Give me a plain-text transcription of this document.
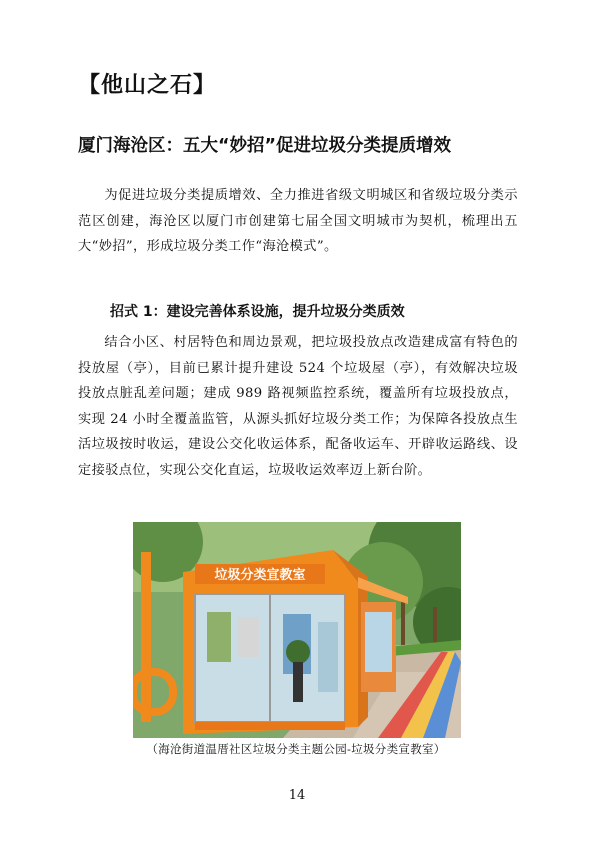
【他山之石】
厦门海沧区：五大“妙招”促进垃圾分类提质增效
为促进垃圾分类提质增效、全力推进省级文明城区和省级垃圾分类示范区创建，海沧区以厦门市创建第七届全国文明城市为契机，梳理出五大“妙招”，形成垃圾分类工作“海沧模式”。
招式 1：建设完善体系设施，提升垃圾分类质效
结合小区、村居特色和周边景观，把垃圾投放点改造建成富有特色的投放屋（亭），目前已累计提升建设 524 个垃圾屋（亭），有效解决垃圾投放点脏乱差问题；建成 989 路视频监控系统，覆盖所有垃圾投放点，实现 24 小时全覆盖监管，从源头抓好垃圾分类工作；为保障各投放点生活垃圾按时收运，建设公交化收运体系，配备收运车、开辟收运路线、设定接驳点位，实现公交化直运，垃圾收运效率迈上新台阶。
垃圾分类宣教室
（海沧街道温厝社区垃圾分类主题公园-垃圾分类宣教室）
14
